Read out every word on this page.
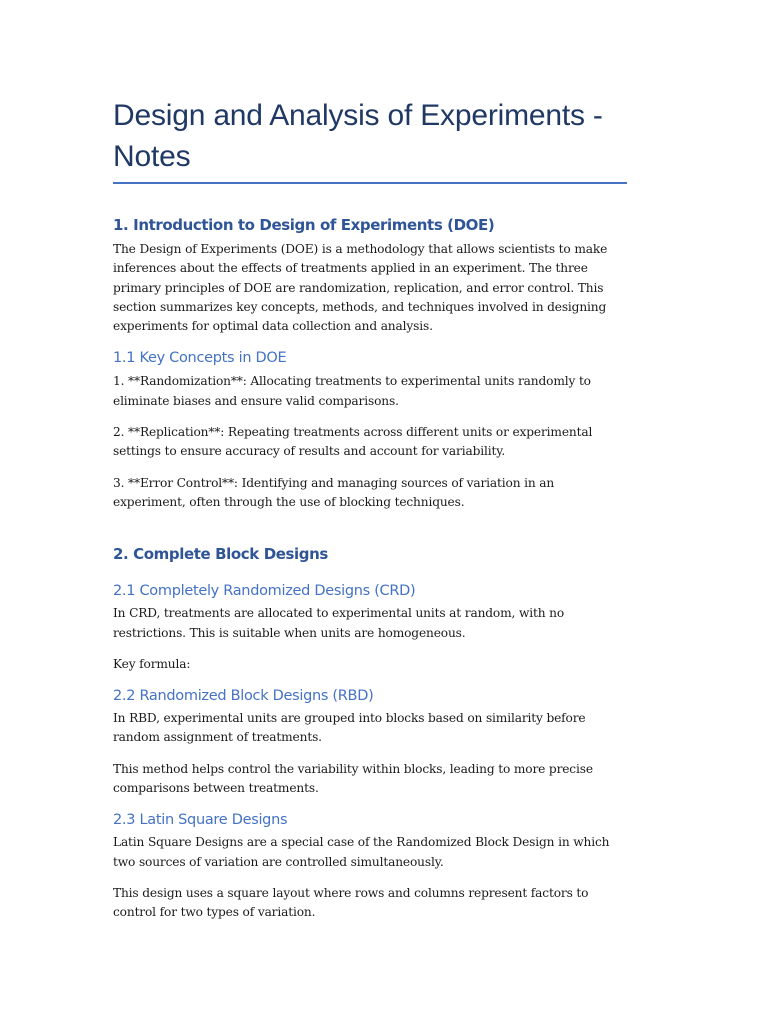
Design and Analysis of Experiments - Notes
1. Introduction to Design of Experiments (DOE)

The Design of Experiments (DOE) is a methodology that allows scientists to make inferences about the effects of treatments applied in an experiment. The three primary principles of DOE are randomization, replication, and error control. This section summarizes key concepts, methods, and techniques involved in designing experiments for optimal data collection and analysis.

1.1 Key Concepts in DOE

1. **Randomization**: Allocating treatments to experimental units randomly to eliminate biases and ensure valid comparisons.

2. **Replication**: Repeating treatments across different units or experimental settings to ensure accuracy of results and account for variability.

3. **Error Control**: Identifying and managing sources of variation in an experiment, often through the use of blocking techniques.

2. Complete Block Designs
2.1 Completely Randomized Designs (CRD)

In CRD, treatments are allocated to experimental units at random, with no restrictions. This is suitable when units are homogeneous.

Key formula:

2.2 Randomized Block Designs (RBD)

In RBD, experimental units are grouped into blocks based on similarity before random assignment of treatments.

This method helps control the variability within blocks, leading to more precise comparisons between treatments.

2.3 Latin Square Designs

Latin Square Designs are a special case of the Randomized Block Design in which two sources of variation are controlled simultaneously.

This design uses a square layout where rows and columns represent factors to control for two types of variation.
